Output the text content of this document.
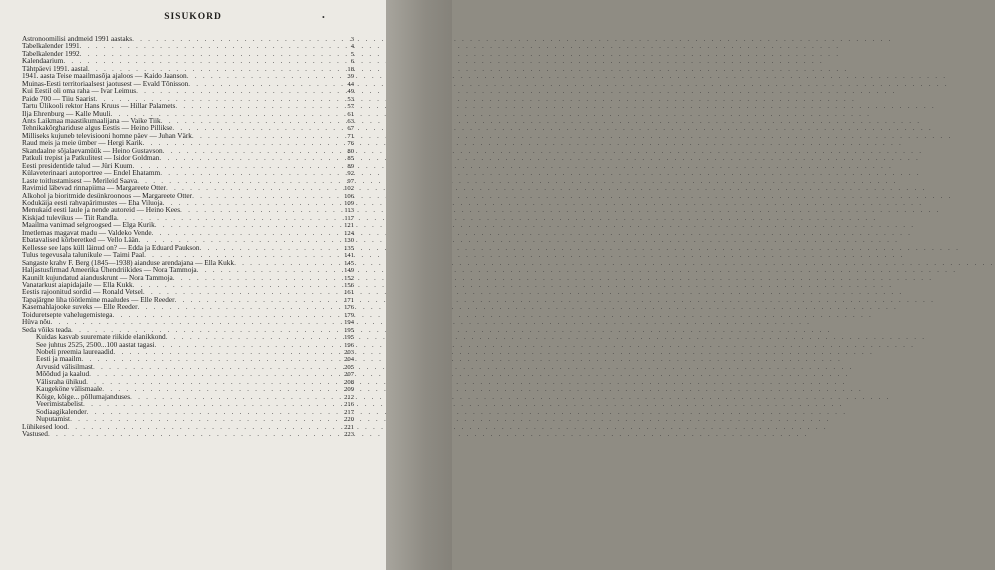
SISUKORD	•
Astronoomilisi andmeid 1991 aastaks . . .	3
Tabelkalender 1991 . . .	4
Tabelkalender 1992 . . .	5
Kalendaarium . . .	6
Tähtpäevi 1991. aastal . . .	18
1941. aasta Teise maailmasõja ajaloos — Kaido Jaanson . . .	39
Muinas-Eesti territoriaalsest jaotusest — Evald Tõnisson . . .	44
Kui Eestil oli oma raha — Ivar Leimus . . .	49
Paide 700 — Tiiu Saarist . . .	53
Tartu Ülikooli rektor Hans Kruus — Hillar Palamets . . .	57
Ilja Ehrenburg — Kalle Muuli . . .	61
Ants Laikmaa maastikumaalijana — Vaike Tiik . . .	63
Tehnikakõrghariduse algus Eestis — Heino Pillikse . . .	67
Milliseks kujuneb televisiooni homne päev — Juhan Värk . . .	71
Raud meis ja meie ümber — Hergi Karik . . .	76
Skandaalne sõjalaevamüük — Heino Gustavson . . .	80
Patkuli trepist ja Patkulitest — Isidor Goldman . . .	85
Eesti presidentide talud — Jüri Kuum . . .	89
Külaveterinaari autoportree — Endel Ehatamm . . .	92
Laste toitlustamisest — Merileid Saava . . .	97
Ravimid läbevad rinnapiima — Margareete Otter . . .	102
Alkohol ja bioritmide desünkroonoos — Margareete Otter . . .	106
Kodukäija eesti rahvapärimustes — Eha Viluoja . . .	109
Menukaid eesti laule ja nende autoreid — Heino Kees . . .	113
Kiskjad tulevikus — Tiit Randla . . .	117
Maailma vanimad selgroogsed — Elga Kurik . . .	121
Imetlemas magavat madu — Valdeko Vende . . .	124
Ebatavalised kõrberetked — Vello Lään . . .	130
Kellesse see laps küll läinud on? — Edda ja Eduard Paukson . . .	135
Tulus tegevusala talunikule — Taimi Paal . . .	141
Sangaste krahv F. Berg (1845—1938) aianduse arendajana — Ella Kukk . . .	145
Haljastusfirmad Ameerika Ühendriikides — Nora Tammoja . . .	149
Kaunilt kujundatud aianduskrunt — Nora Tammoja . . .	152
Vanatarkust aiapidajaile — Ella Kukk . . .	156
Eestis rajoonitud sordid — Ronald Vetsel . . .	161
Tapajärgne liha töötlemine maaludes — Elle Reeder . . .	171
Kasemahlajooke suveks — Elle Reeder . . .	176
Toiduretsepte vahelugemistega . . .	179
Hüva nõu . . .	194
Seda võiks teada . . .	195
Kuidas kasvab suuremate riikide elanikkond . . .	195
See juhtus 2525, 2500...100 aastat tagasi . . .	196
Nobeli preemia laureaadid . . .	203
Eesti ja maailm . . .	204
Arvusid välisilmast . . .	205
Mõõdud ja kaalud . . .	207
Välisraha ühikud . . .	208
Kaugeköne välismaale . . .	209
Kõige, kõige... põllumajanduses . . .	212
Veerimistabelist . . .	216
Sodiaagikalender . . .	217
Nuputamist . . .	220
Lühikesed lood . . .	221
Vastused . . .	223
